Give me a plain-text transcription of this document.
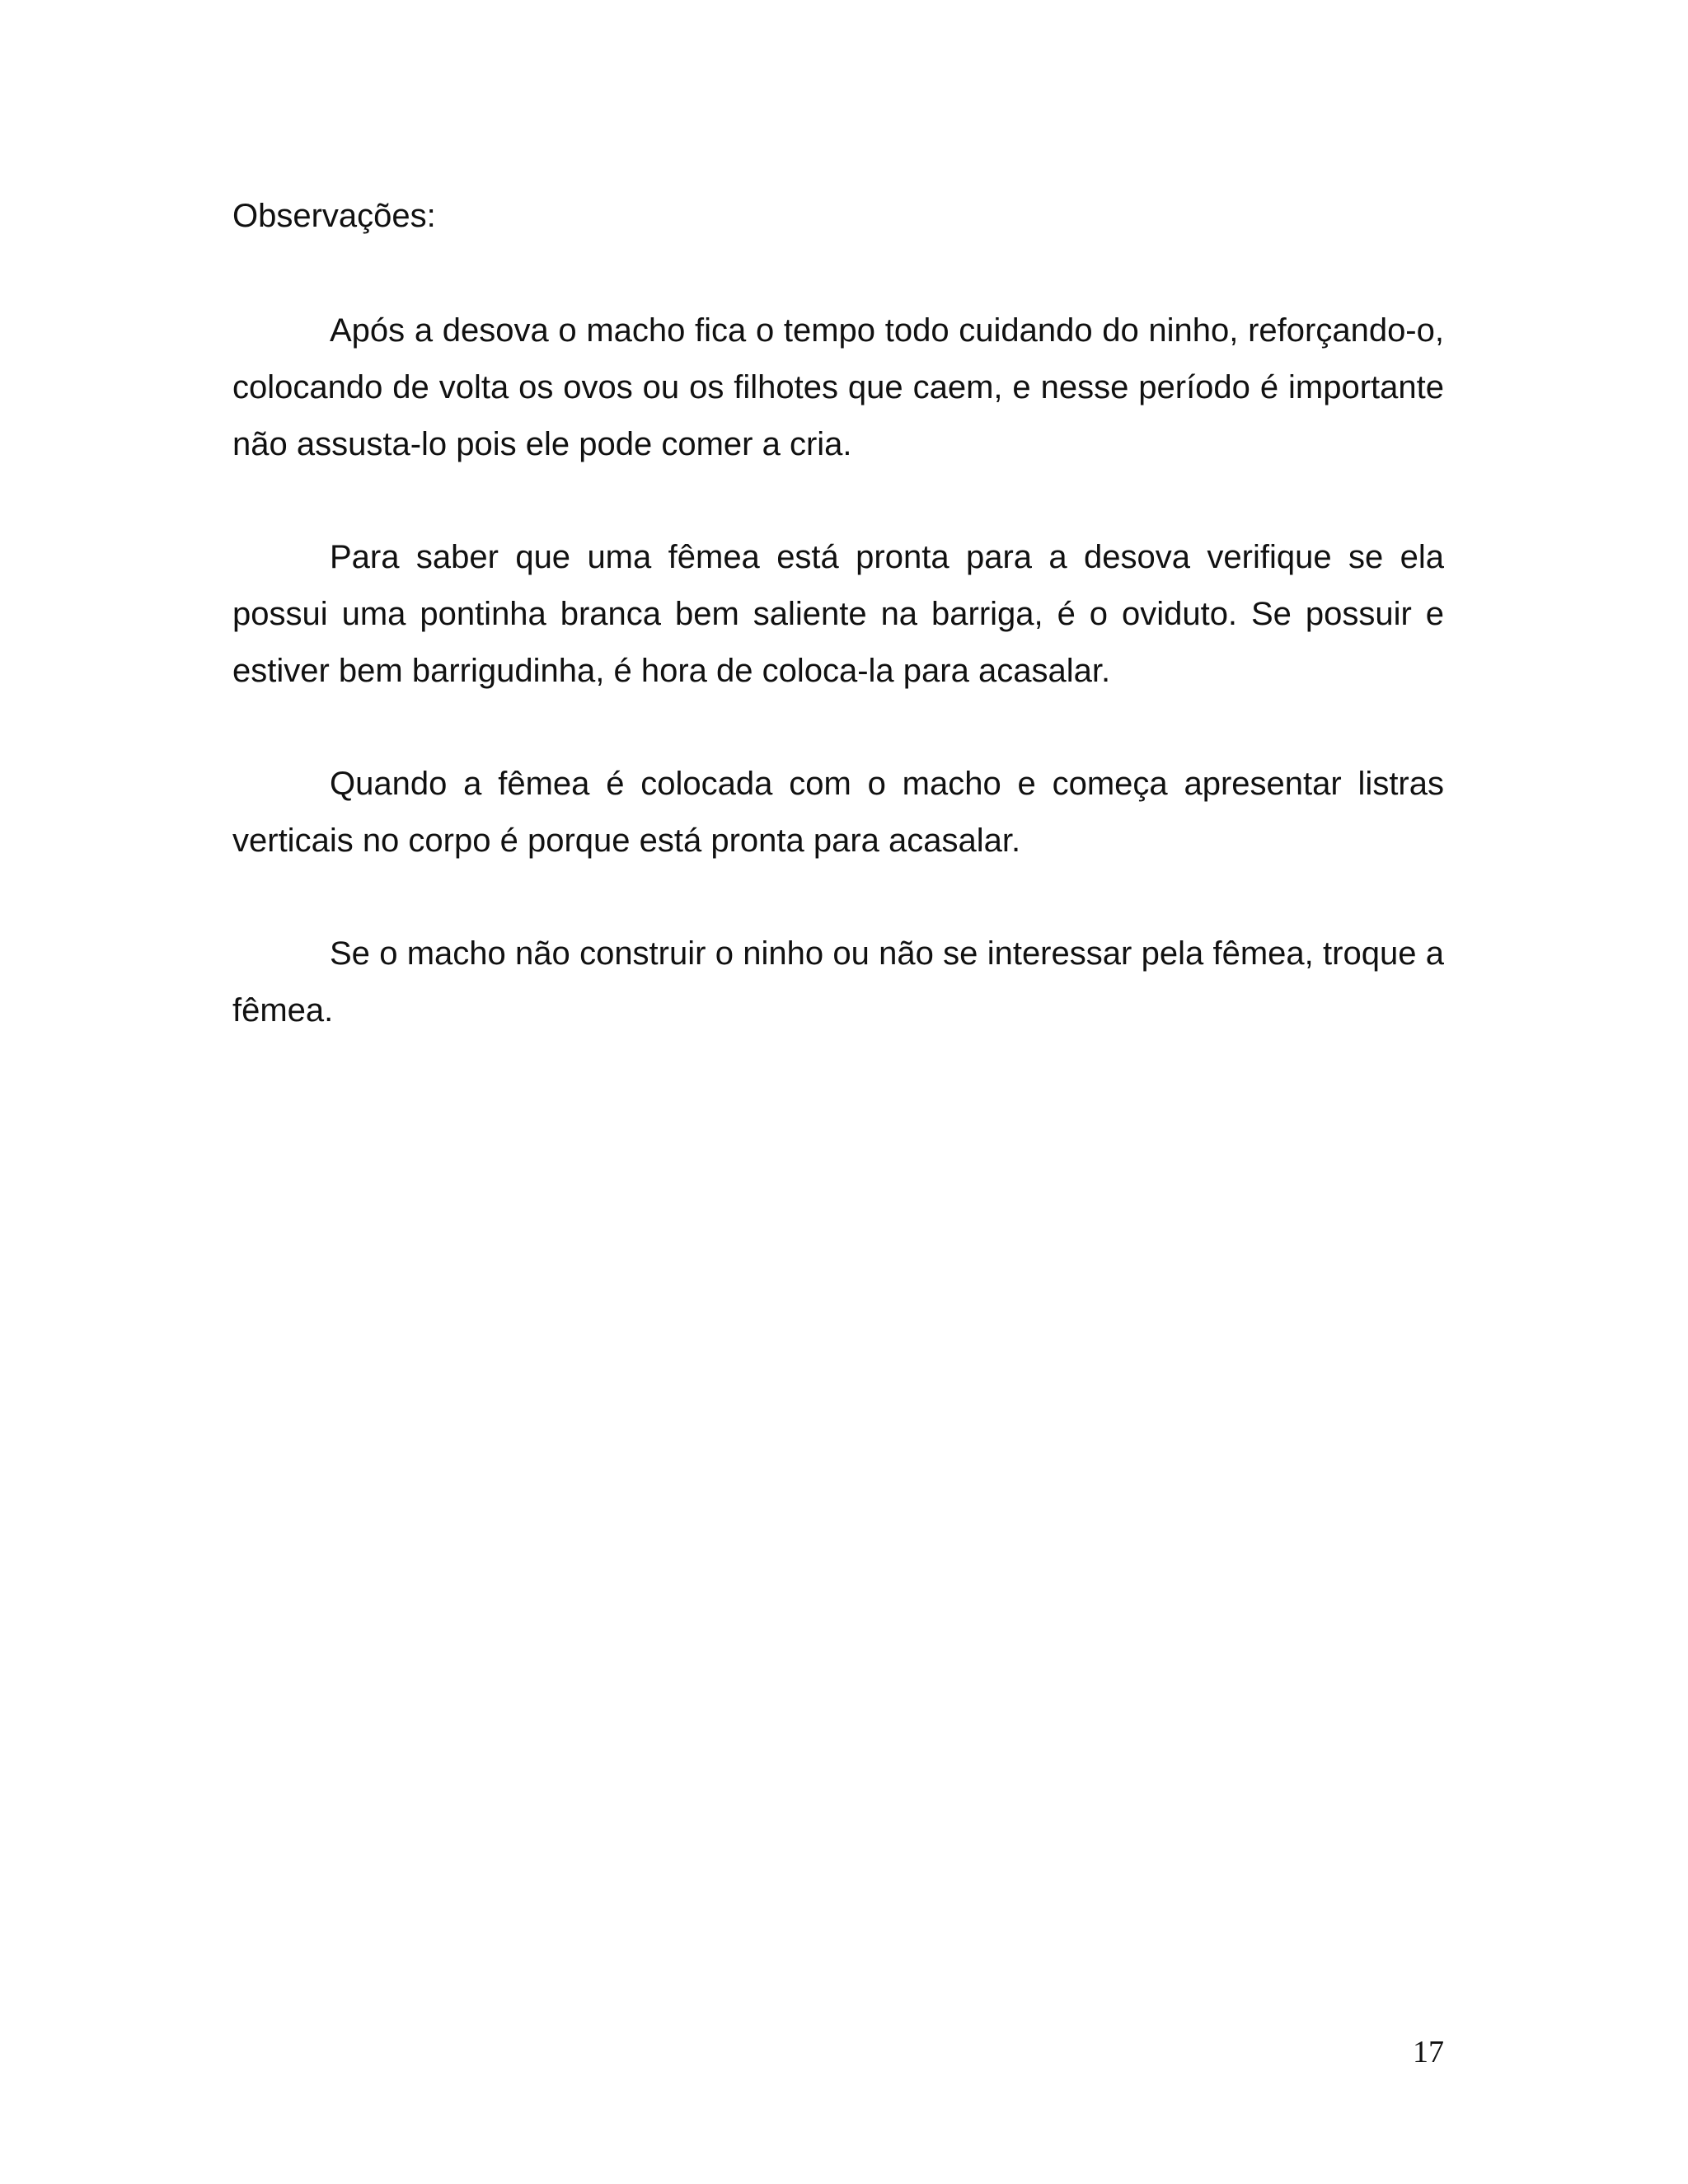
Observações:

Após a desova o macho fica o tempo todo cuidando do ninho, reforçando-o, colocando de volta os ovos ou os filhotes que caem, e nesse período é importante não assusta-lo pois ele pode comer a cria.

Para saber que uma fêmea está pronta para a desova verifique se ela possui uma pontinha branca bem saliente na barriga, é o oviduto. Se possuir e estiver bem barrigudinha, é hora de coloca-la para acasalar.

Quando a fêmea é colocada com o macho e começa apresentar listras verticais no corpo é porque está pronta para acasalar.

Se o macho não construir o ninho ou não se interessar pela fêmea, troque a fêmea.

17
